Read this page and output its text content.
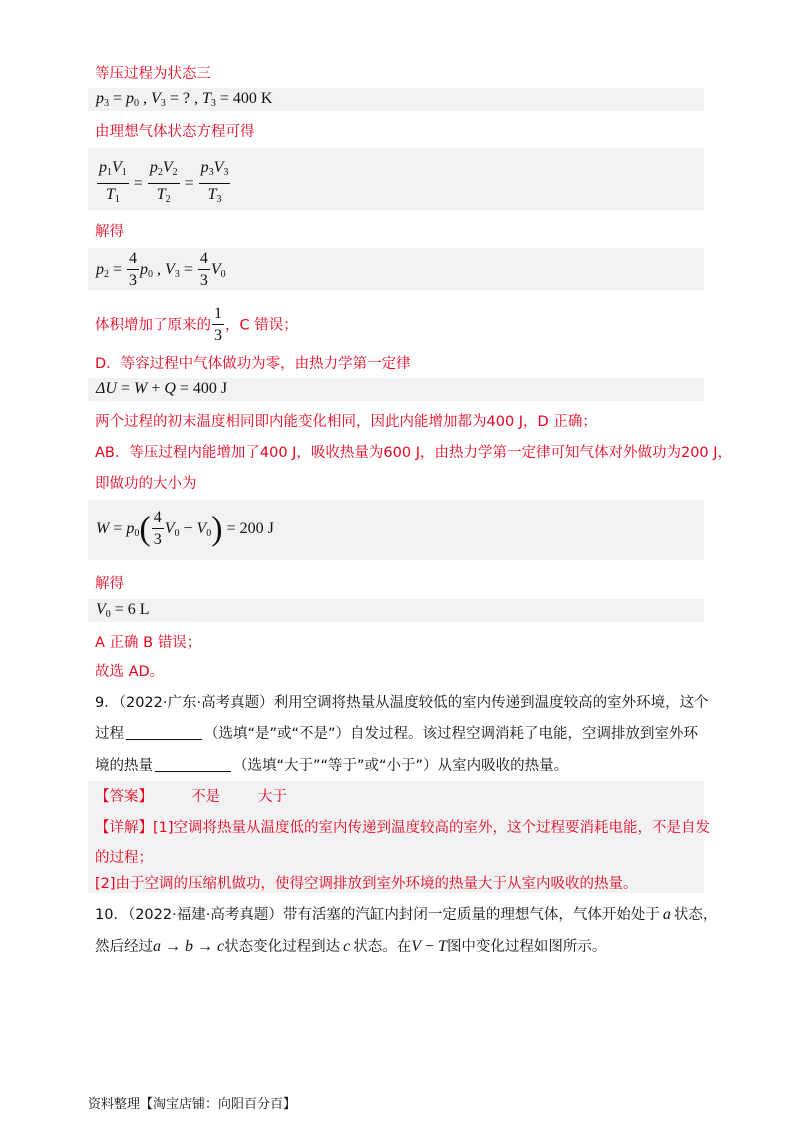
等压过程为状态三
$p_3 = p_0$ , $V_3$ = ? , $T_3 = 400$ K
由理想气体状态方程可得
$\frac{p_1V_1}{T_1} = \frac{p_2V_2}{T_2} = \frac{p_3V_3}{T_3}$
解得
$p_2 = \frac{4}{3} p_0$ , $V_3 = \frac{4}{3} V_0$
体积增加了原来的 $\frac{1}{3}$ ，C 错误；
D．等容过程中气体做功为零，由热力学第一定律
ΔU = W + Q = 400 J
两个过程的初末温度相同即内能变化相同，因此内能增加都为400 J，D 正确；
AB．等压过程内能增加了400 J，吸收热量为600 J，由热力学第一定律可知气体对外做功为200 J，
即做功的大小为
$W = p_0( \frac{4}{3} V_0 - V_0) = 200$ J
解得
$V_0 = 6$ L
A 正确 B 错误；
故选 AD。
9．（2022·广东·高考真题）利用空调将热量从温度较低的室内传递到温度较高的室外环境，这个
过程	（选填“是”或“不是”）自发过程。该过程空调消耗了电能，空调排放到室外环
境的热量	（选填“大于”“等于”或“小于”）从室内吸收的热量。
【答案】	不是	大于
【详解】[1]空调将热量从温度低的室内传递到温度较高的室外，这个过程要消耗电能，不是自发
的过程；
[2]由于空调的压缩机做功，使得空调排放到室外环境的热量大于从室内吸收的热量。
10．（2022·福建·高考真题）带有活塞的汽缸内封闭一定质量的理想气体，气体开始处于 a 状态，
然后经过a → b → c状态变化过程到达 c 状态。在V − T图中变化过程如图所示。
资料整理【淘宝店铺：向阳百分百】
